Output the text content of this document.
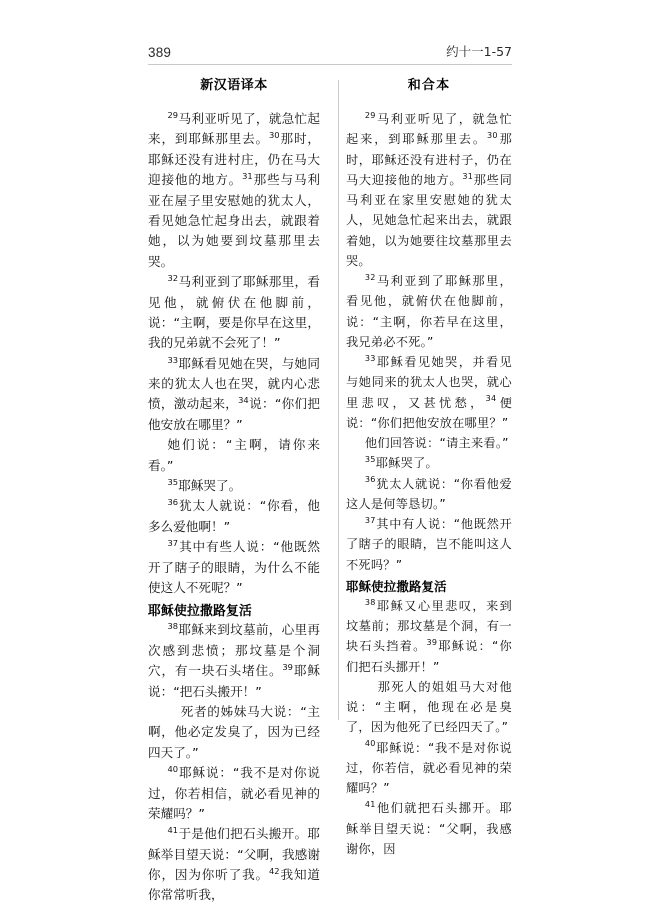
389	约十一1-57
新汉语译本

$^{29}$马利亚听见了，就急忙起来，到耶稣那里去。$^{30}$那时，耶稣还没有进村庄，仍在马大迎接他的地方。$^{31}$那些与马利亚在屋子里安慰她的犹太人，看见她急忙起身出去，就跟着她，以为她要到坟墓那里去哭。

$^{32}$马利亚到了耶稣那里，看见他，就俯伏在他脚前，说：“主啊，要是你早在这里，我的兄弟就不会死了！”

$^{33}$耶稣看见她在哭，与她同来的犹太人也在哭，就内心悲愤，激动起来，$^{34}$说：“你们把他安放在哪里？”

她们说：“主啊，请你来看。”

$^{35}$耶稣哭了。

$^{36}$犹太人就说：“你看，他多么爱他啊！”

$^{37}$其中有些人说：“他既然开了瞎子的眼睛，为什么不能使这人不死呢？”

耶稣使拉撒路复活

$^{38}$耶稣来到坟墓前，心里再次感到悲愤；那坟墓是个洞穴，有一块石头堵住。$^{39}$耶稣说：“把石头搬开！”

死者的姊妹马大说：“主啊，他必定发臭了，因为已经四天了。”

$^{40}$耶稣说：“我不是对你说过，你若相信，就必看见神的荣耀吗？”

$^{41}$于是他们把石头搬开。耶稣举目望天说：“父啊，我感谢你，因为你听了我。$^{42}$我知道你常常听我，

和合本

$^{29}$马利亚听见了，就急忙起来，到耶稣那里去。$^{30}$那时，耶稣还没有进村子，仍在马大迎接他的地方。$^{31}$那些同马利亚在家里安慰她的犹太人，见她急忙起来出去，就跟着她，以为她要往坟墓那里去哭。

$^{32}$马利亚到了耶稣那里，看见他，就俯伏在他脚前，说：“主啊，你若早在这里，我兄弟必不死。”

$^{33}$耶稣看见她哭，并看见与她同来的犹太人也哭，就心里悲叹，又甚忧愁，$^{34}$便说：“你们把他安放在哪里？”

他们回答说：“请主来看。”

$^{35}$耶稣哭了。

$^{36}$犹太人就说：“你看他爱这人是何等恳切。”

$^{37}$其中有人说：“他既然开了瞎子的眼睛，岂不能叫这人不死吗？”

耶稣使拉撒路复活

$^{38}$耶稣又心里悲叹，来到坟墓前；那坟墓是个洞，有一块石头挡着。$^{39}$耶稣说：“你们把石头挪开！”

那死人的姐姐马大对他说：“主啊，他现在必是臭了，因为他死了已经四天了。”

$^{40}$耶稣说：“我不是对你说过，你若信，就必看见神的荣耀吗？”

$^{41}$他们就把石头挪开。耶稣举目望天说：“父啊，我感谢你，因
